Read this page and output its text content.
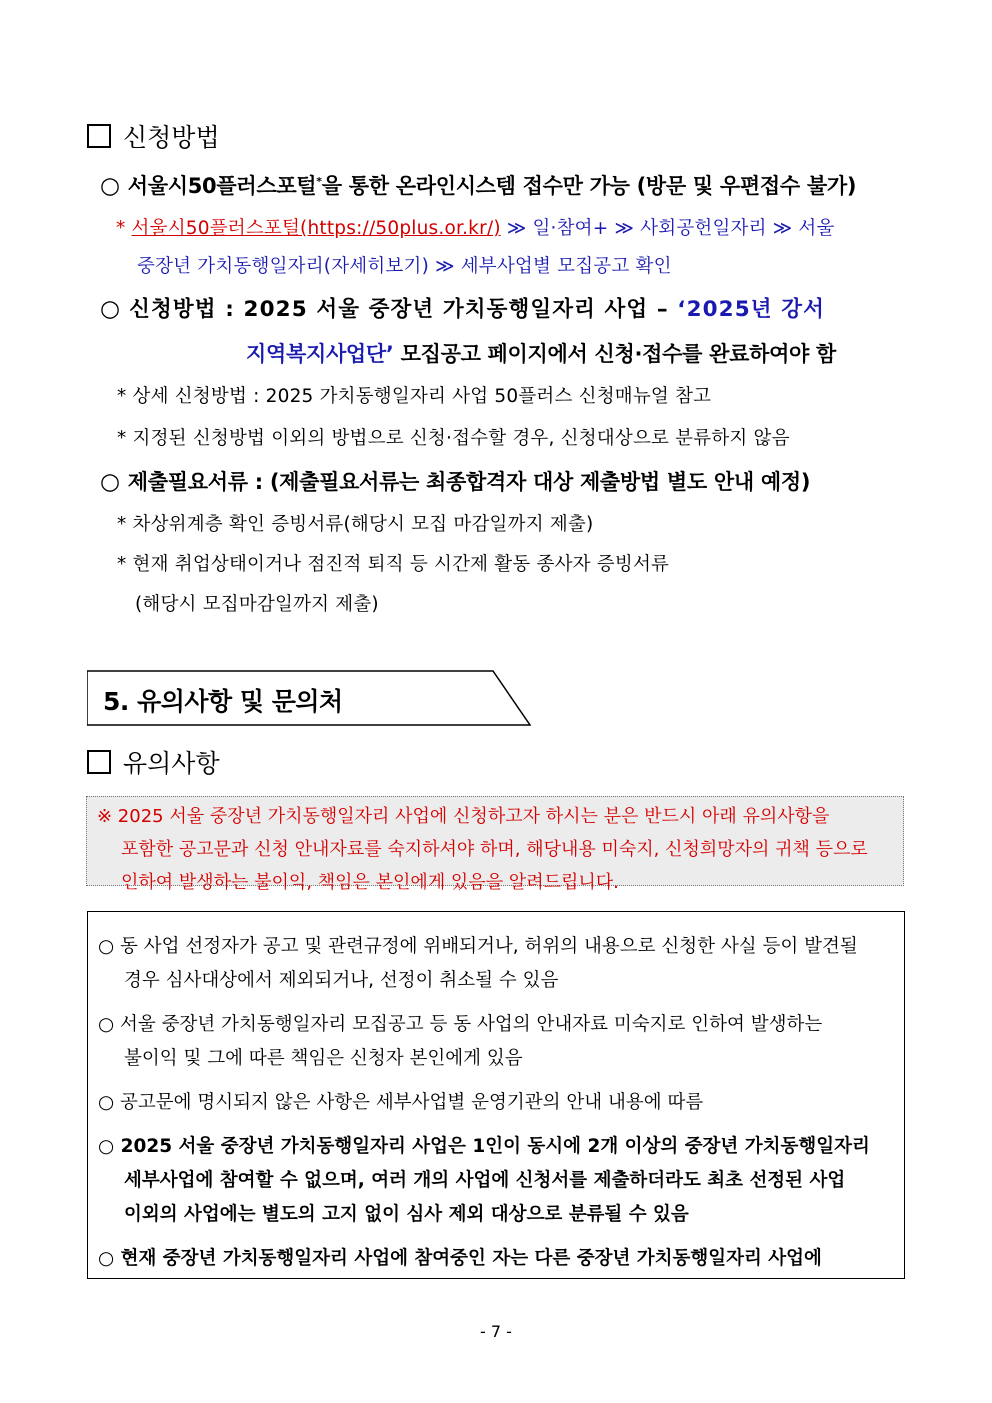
신청방법
○ 서울시50플러스포털*을 통한 온라인시스템 접수만 가능 (방문 및 우편접수 불가)
* 서울시50플러스포털(https://50plus.or.kr/) ≫ 일·참여+ ≫ 사회공헌일자리 ≫ 서울
중장년 가치동행일자리(자세히보기) ≫ 세부사업별 모집공고 확인
○ 신청방법 : 2025 서울 중장년 가치동행일자리 사업 – ‘2025년 강서
지역복지사업단’ 모집공고 페이지에서 신청·접수를 완료하여야 함
* 상세 신청방법 : 2025 가치동행일자리 사업 50플러스 신청매뉴얼 참고
* 지정된 신청방법 이외의 방법으로 신청·접수할 경우, 신청대상으로 분류하지 않음
○ 제출필요서류 : (제출필요서류는 최종합격자 대상 제출방법 별도 안내 예정)
* 차상위계층 확인 증빙서류(해당시 모집 마감일까지 제출)
* 현재 취업상태이거나 점진적 퇴직 등 시간제 활동 종사자 증빙서류
(해당시 모집마감일까지 제출)
5. 유의사항 및 문의처
유의사항
※ 2025 서울 중장년 가치동행일자리 사업에 신청하고자 하시는 분은 반드시 아래 유의사항을
포함한 공고문과 신청 안내자료를 숙지하셔야 하며, 해당내용 미숙지, 신청희망자의 귀책 등으로
인하여 발생하는 불이익, 책임은 본인에게 있음을 알려드립니다.
○ 동 사업 선정자가 공고 및 관련규정에 위배되거나, 허위의 내용으로 신청한 사실 등이 발견될
경우 심사대상에서 제외되거나, 선정이 취소될 수 있음
○ 서울 중장년 가치동행일자리 모집공고 등 동 사업의 안내자료 미숙지로 인하여 발생하는
불이익 및 그에 따른 책임은 신청자 본인에게 있음
○ 공고문에 명시되지 않은 사항은 세부사업별 운영기관의 안내 내용에 따름
○ 2025 서울 중장년 가치동행일자리 사업은 1인이 동시에 2개 이상의 중장년 가치동행일자리
세부사업에 참여할 수 없으며, 여러 개의 사업에 신청서를 제출하더라도 최초 선정된 사업
이외의 사업에는 별도의 고지 없이 심사 제외 대상으로 분류될 수 있음
○ 현재 중장년 가치동행일자리 사업에 참여중인 자는 다른 중장년 가치동행일자리 사업에
- 7 -
